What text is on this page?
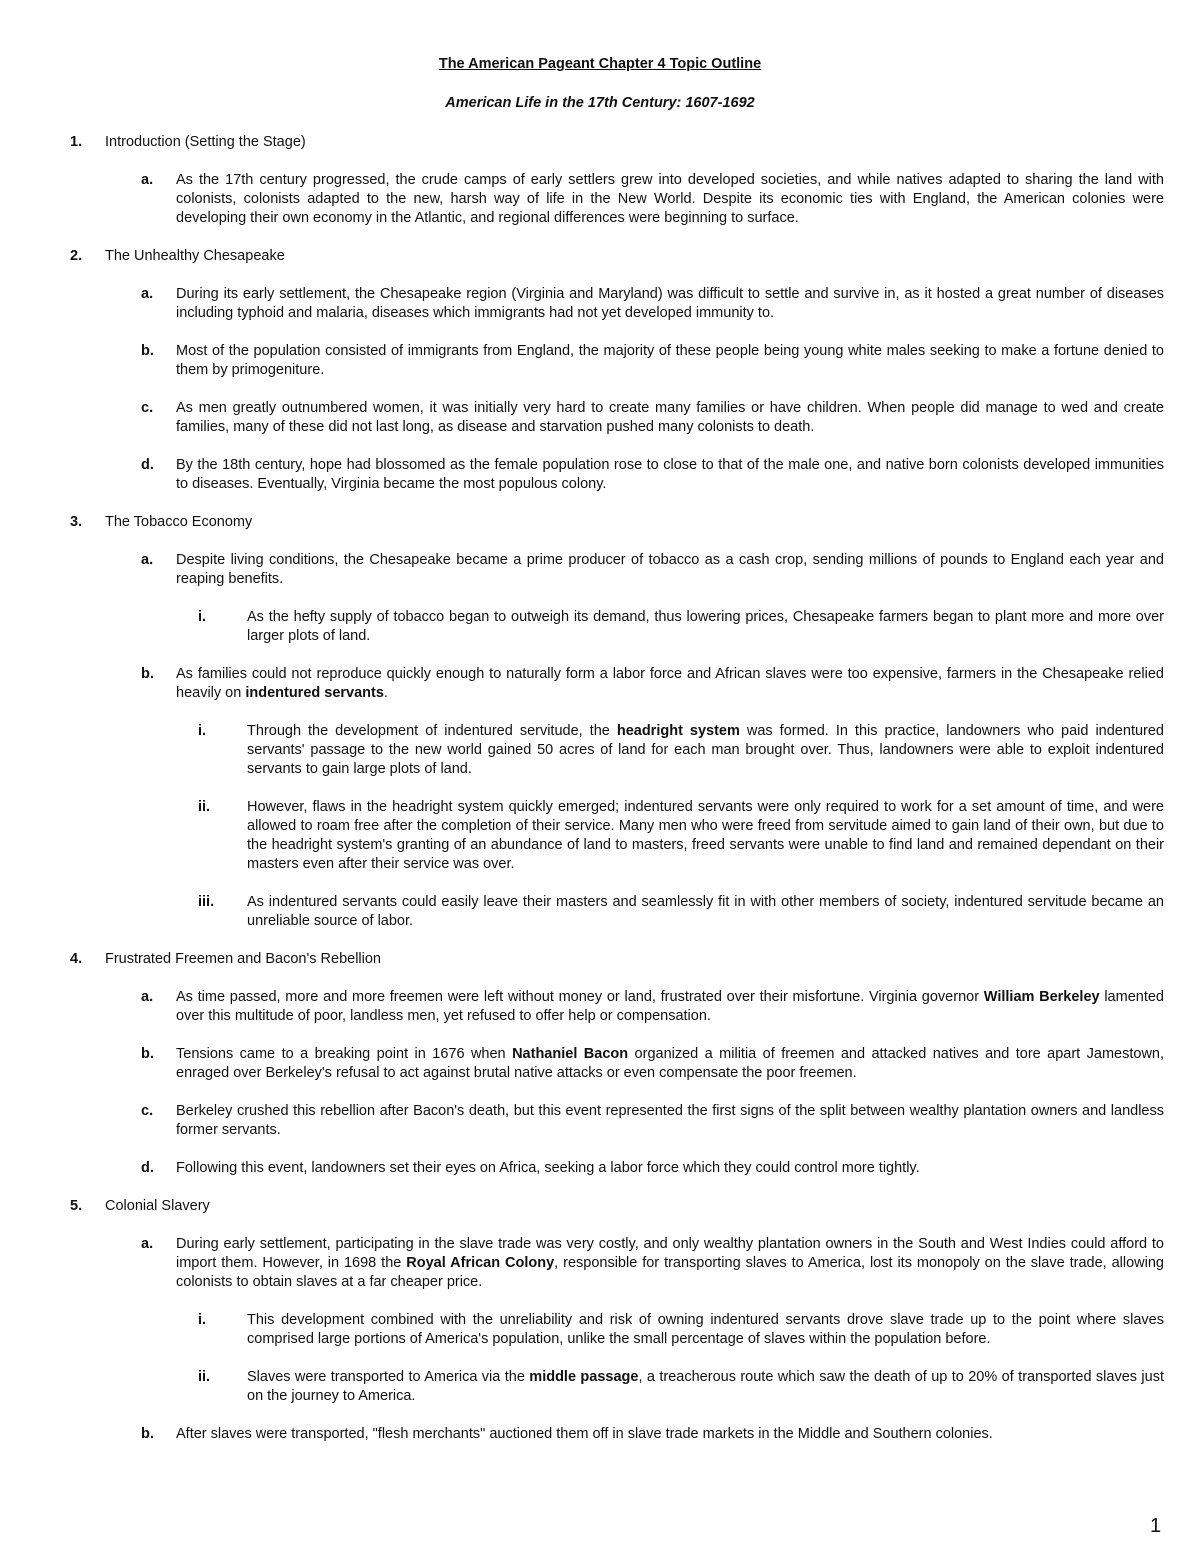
The American Pageant Chapter 4 Topic Outline
American Life in the 17th Century: 1607-1692
1. Introduction (Setting the Stage)
a. As the 17th century progressed, the crude camps of early settlers grew into developed societies, and while natives adapted to sharing the land with colonists, colonists adapted to the new, harsh way of life in the New World. Despite its economic ties with England, the American colonies were developing their own economy in the Atlantic, and regional differences were beginning to surface.
2. The Unhealthy Chesapeake
a. During its early settlement, the Chesapeake region (Virginia and Maryland) was difficult to settle and survive in, as it hosted a great number of diseases including typhoid and malaria, diseases which immigrants had not yet developed immunity to.
b. Most of the population consisted of immigrants from England, the majority of these people being young white males seeking to make a fortune denied to them by primogeniture.
c. As men greatly outnumbered women, it was initially very hard to create many families or have children. When people did manage to wed and create families, many of these did not last long, as disease and starvation pushed many colonists to death.
d. By the 18th century, hope had blossomed as the female population rose to close to that of the male one, and native born colonists developed immunities to diseases. Eventually, Virginia became the most populous colony.
3. The Tobacco Economy
a. Despite living conditions, the Chesapeake became a prime producer of tobacco as a cash crop, sending millions of pounds to England each year and reaping benefits.
i.	As the hefty supply of tobacco began to outweigh its demand, thus lowering prices, Chesapeake farmers began to plant more and more over larger plots of land.
b. As families could not reproduce quickly enough to naturally form a labor force and African slaves were too expensive, farmers in the Chesapeake relied heavily on indentured servants.
i.	Through the development of indentured servitude, the headright system was formed. In this practice, landowners who paid indentured servants' passage to the new world gained 50 acres of land for each man brought over. Thus, landowners were able to exploit indentured servants to gain large plots of land.
ii.	However, flaws in the headright system quickly emerged; indentured servants were only required to work for a set amount of time, and were allowed to roam free after the completion of their service. Many men who were freed from servitude aimed to gain land of their own, but due to the headright system's granting of an abundance of land to masters, freed servants were unable to find land and remained dependant on their masters even after their service was over.
iii. As indentured servants could easily leave their masters and seamlessly fit in with other members of society, indentured servitude became an unreliable source of labor.
4. Frustrated Freemen and Bacon's Rebellion
a. As time passed, more and more freemen were left without money or land, frustrated over their misfortune. Virginia governor William Berkeley lamented over this multitude of poor, landless men, yet refused to offer help or compensation.
b. Tensions came to a breaking point in 1676 when Nathaniel Bacon organized a militia of freemen and attacked natives and tore apart Jamestown, enraged over Berkeley's refusal to act against brutal native attacks or even compensate the poor freemen.
c. Berkeley crushed this rebellion after Bacon's death, but this event represented the first signs of the split between wealthy plantation owners and landless former servants.
d. Following this event, landowners set their eyes on Africa, seeking a labor force which they could control more tightly.
5. Colonial Slavery
a. During early settlement, participating in the slave trade was very costly, and only wealthy plantation owners in the South and West Indies could afford to import them. However, in 1698 the Royal African Colony, responsible for transporting slaves to America, lost its monopoly on the slave trade, allowing colonists to obtain slaves at a far cheaper price.
i.	This development combined with the unreliability and risk of owning indentured servants drove slave trade up to the point where slaves comprised large portions of America's population, unlike the small percentage of slaves within the population before.
ii.	Slaves were transported to America via the middle passage, a treacherous route which saw the death of up to 20% of transported slaves just on the journey to America.
b. After slaves were transported, "flesh merchants" auctioned them off in slave trade markets in the Middle and Southern colonies.
1
